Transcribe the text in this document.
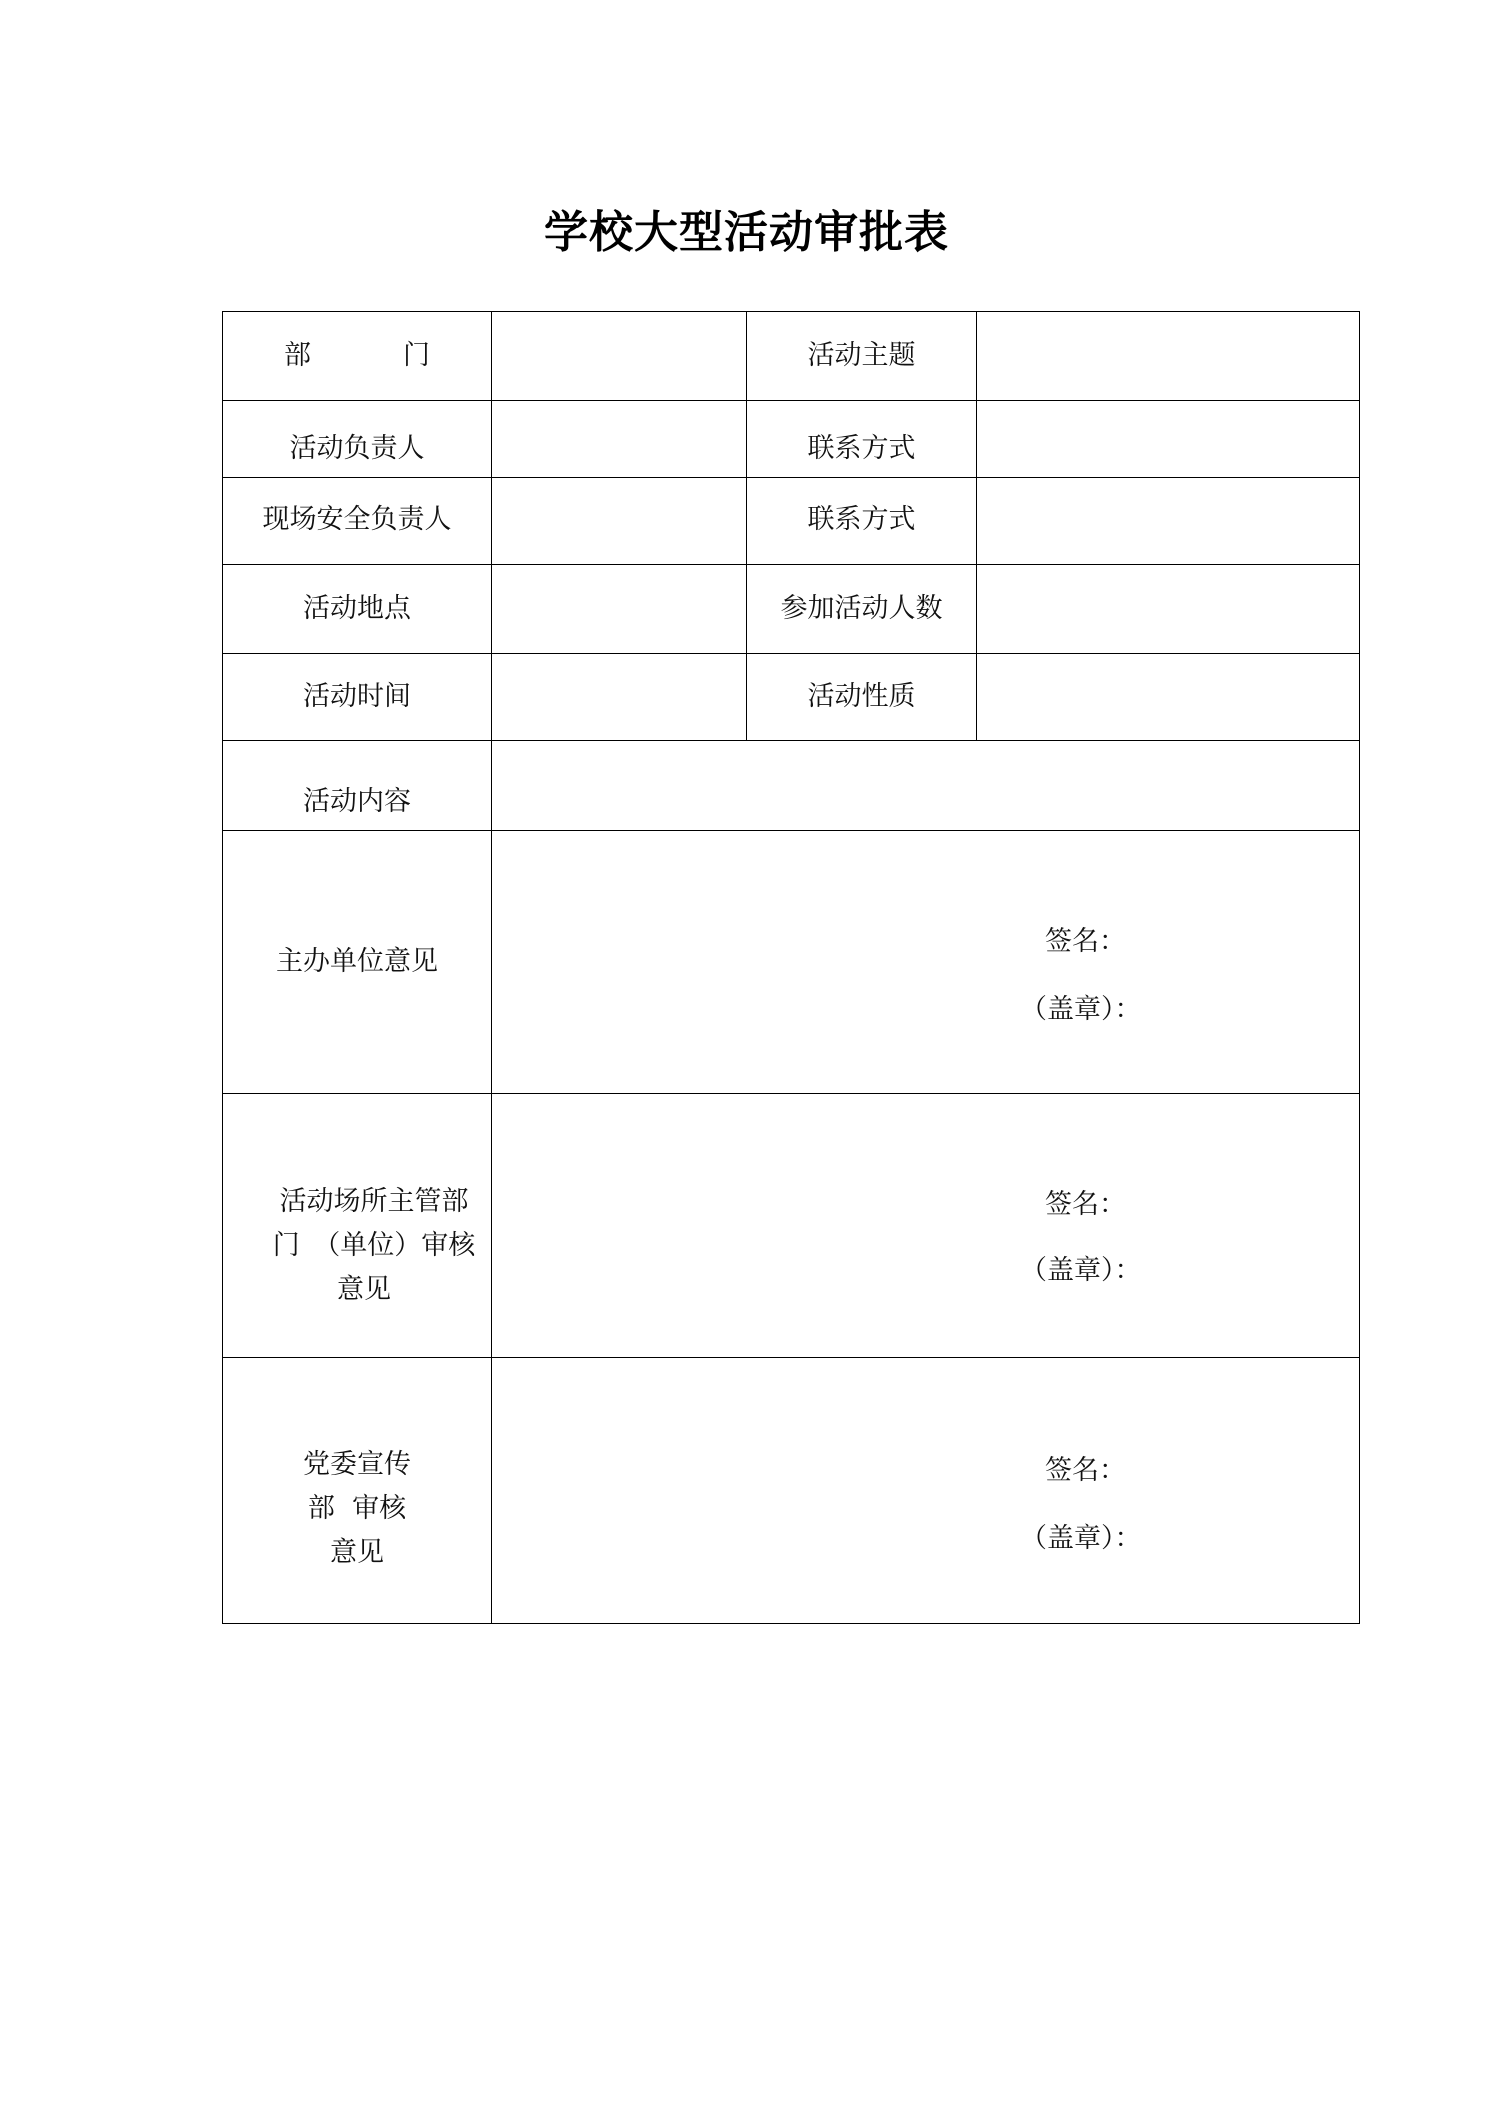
学校大型活动审批表
部 门		活动主题	
活动负责人		联系方式	
现场安全负责人		联系方式	
活动地点		参加活动人数	
活动时间		活动性质	
活动内容			
主办单位意见	签名：
（盖章）：		

活动场所主管部
门　（单位）审核
意见

签名：
（盖章）：

党委宣传
部  审核
意见

签名：
（盖章）：
